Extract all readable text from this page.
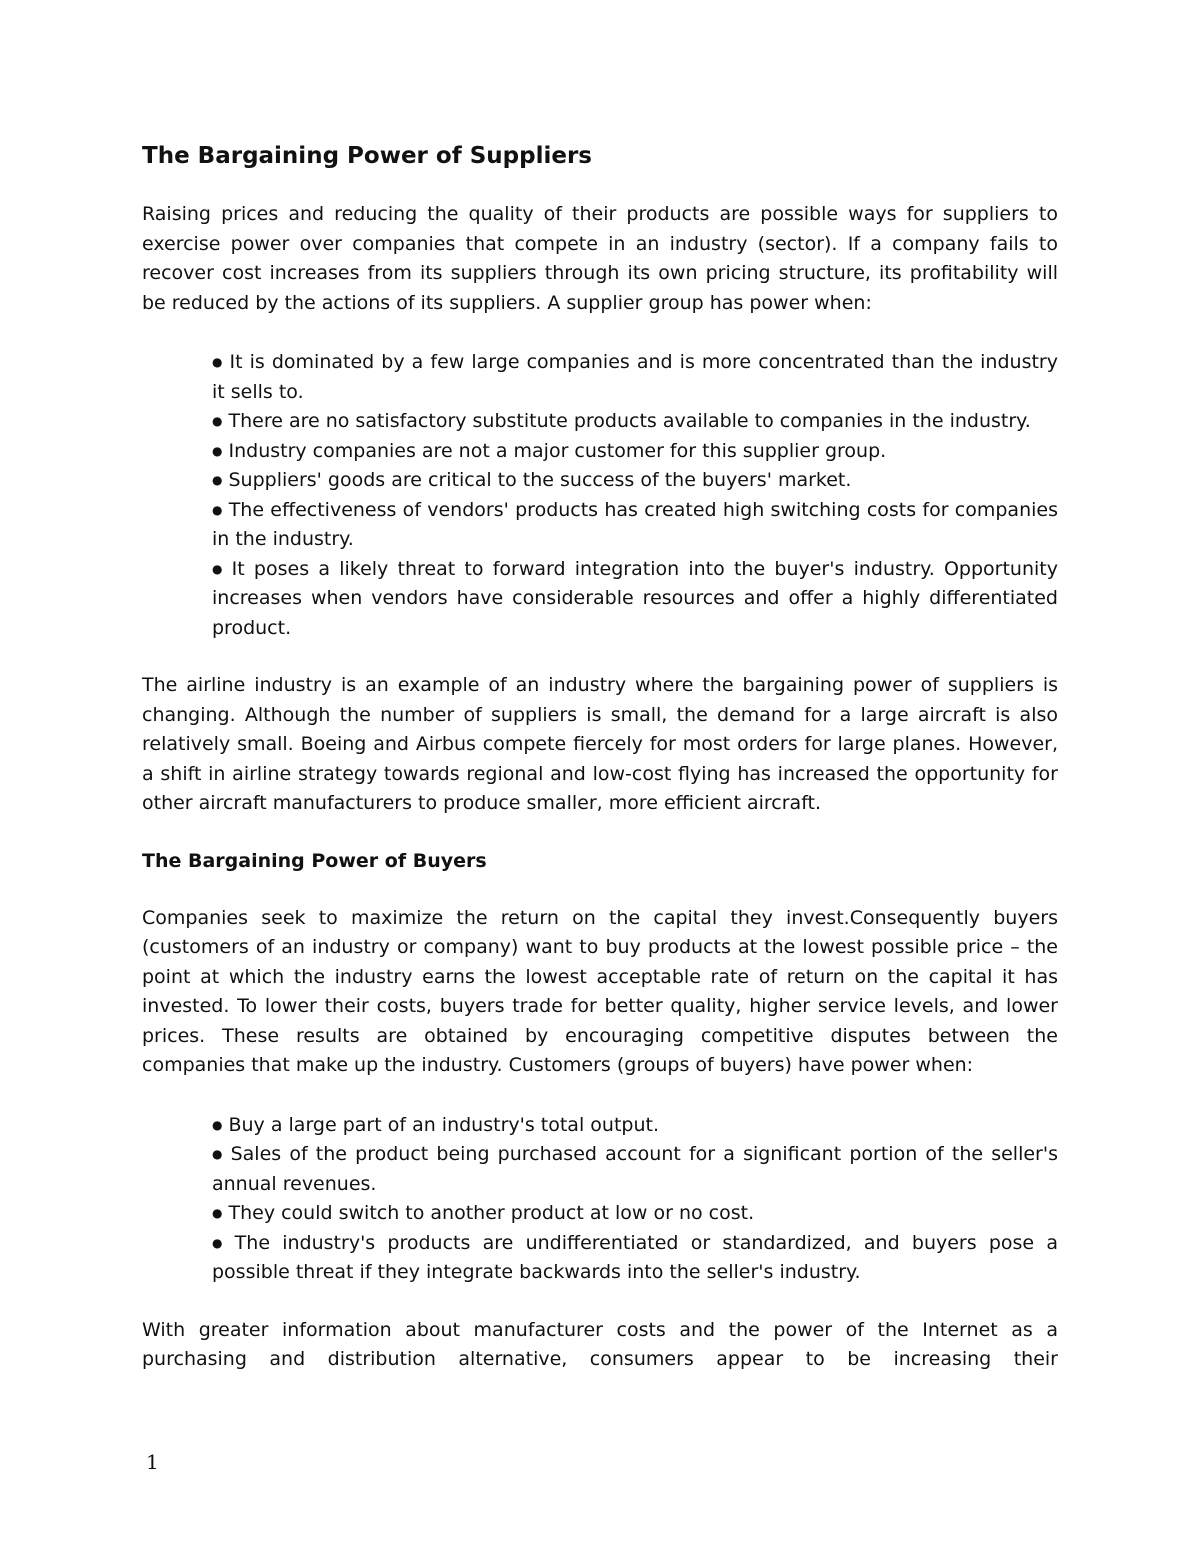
The Bargaining Power of Suppliers

Raising prices and reducing the quality of their products are possible ways for suppliers to exercise power over companies that compete in an industry (sector). If a company fails to recover cost increases from its suppliers through its own pricing structure, its profitability will be reduced by the actions of its suppliers. A supplier group has power when:

● It is dominated by a few large companies and is more concentrated than the industry it sells to.
● There are no satisfactory substitute products available to companies in the industry.
● Industry companies are not a major customer for this supplier group.
● Suppliers' goods are critical to the success of the buyers' market.
● The effectiveness of vendors' products has created high switching costs for companies in the industry.
● It poses a likely threat to forward integration into the buyer's industry. Opportunity increases when vendors have considerable resources and offer a highly differentiated product.

The airline industry is an example of an industry where the bargaining power of suppliers is changing. Although the number of suppliers is small, the demand for a large aircraft is also relatively small. Boeing and Airbus compete fiercely for most orders for large planes. However, a shift in airline strategy towards regional and low-cost flying has increased the opportunity for other aircraft manufacturers to produce smaller, more efficient aircraft.

The Bargaining Power of Buyers

Companies seek to maximize the return on the capital they invest.Consequently buyers (customers of an industry or company) want to buy products at the lowest possible price – the point at which the industry earns the lowest acceptable rate of return on the capital it has invested. To lower their costs, buyers trade for better quality, higher service levels, and lower prices. These results are obtained by encouraging competitive disputes between the companies that make up the industry. Customers (groups of buyers) have power when:

● Buy a large part of an industry's total output.
● Sales of the product being purchased account for a significant portion of the seller's annual revenues.
● They could switch to another product at low or no cost.
● The industry's products are undifferentiated or standardized, and buyers pose a possible threat if they integrate backwards into the seller's industry.

With greater information about manufacturer costs and the power of the Internet as a purchasing and distribution alternative, consumers appear to be increasing their

1
